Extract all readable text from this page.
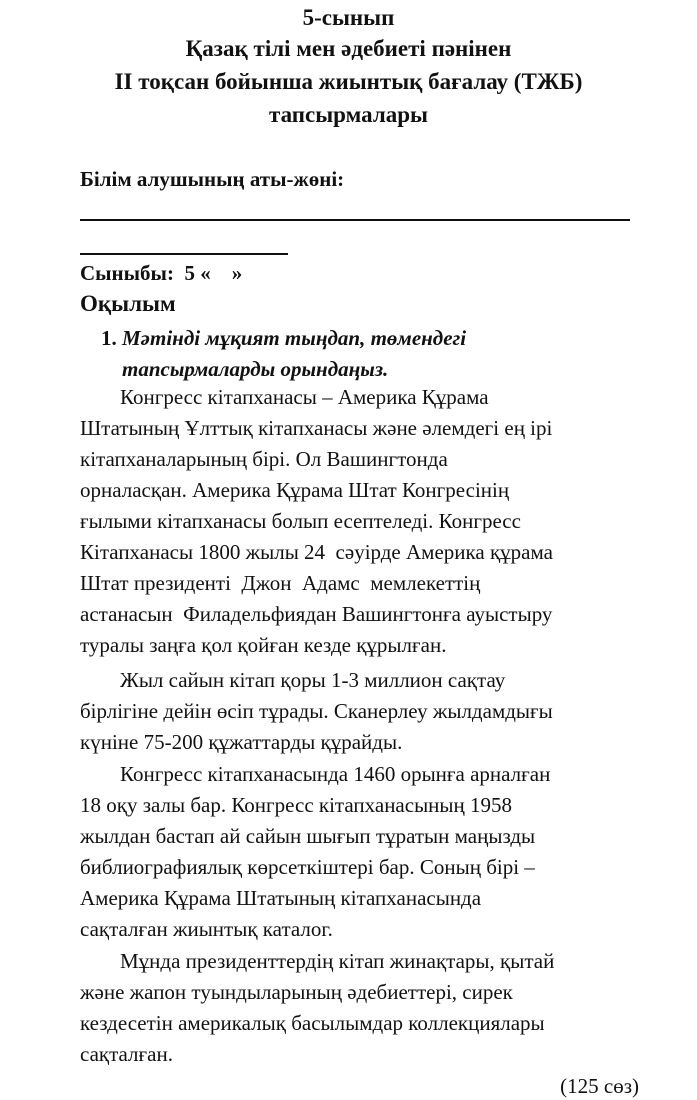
5-сынып
Қазақ тілі мен әдебиеті пәнінен
ІІ тоқсан бойынша жиынтық бағалау (ТЖБ)
тапсырмалары
Білім алушының аты-жөні:
Сыныбы:  5 «    »
Оқылым
1. Мәтінді мұқият тыңдап, төмендегі
тапсырмаларды орындаңыз.
Конгресс кітапханасы – Америка Құрама
Штатының Ұлттық кітапханасы және әлемдегі ең ірі
кітапханаларының бірі. Ол Вашингтонда
орналасқан. Америка Құрама Штат Конгресінің
ғылыми кітапханасы болып есептеледі. Конгресс
Кітапханасы 1800 жылы 24  сәуірде Америка құрама
Штат президенті  Джон  Адамс  мемлекеттің
астанасын  Филадельфиядан Вашингтонға ауыстыру
туралы заңға қол қойған кезде құрылған.
Жыл сайын кітап қоры 1-3 миллион сақтау
бірлігіне дейін өсіп тұрады. Сканерлеу жылдамдығы
күніне 75-200 құжаттарды құрайды.
Конгресс кітапханасында 1460 орынға арналған
18 оқу залы бар. Конгресс кітапханасының 1958
жылдан бастап ай сайын шығып тұратын маңызды
библиографиялық көрсеткіштері бар. Соның бірі –
Америка Құрама Штатының кітапханасында
сақталған жиынтық каталог.
Мұнда президенттердің кітап жинақтары, қытай
және жапон туындыларының әдебиеттері, сирек
кездесетін америкалық басылымдар коллекциялары
сақталған.
(125 сөз)
